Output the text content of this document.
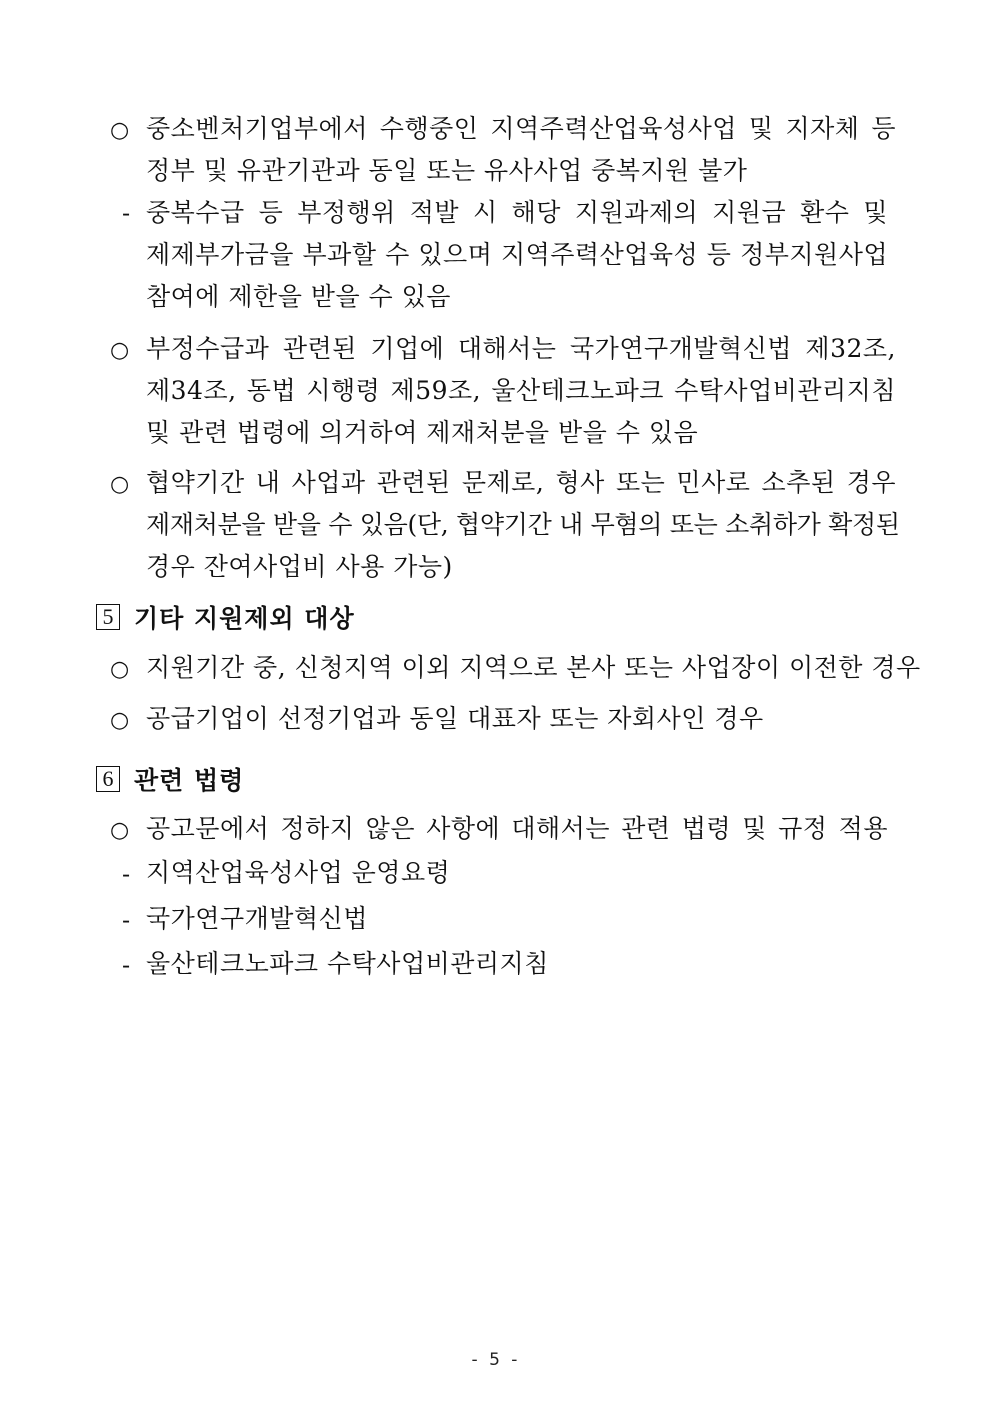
○ 중소벤처기업부에서 수행중인 지역주력산업육성사업 및 지자체 등
정부 및 유관기관과 동일 또는 유사사업 중복지원 불가
- 중복수급 등 부정행위 적발 시 해당 지원과제의 지원금 환수 및
제제부가금을 부과할 수 있으며 지역주력산업육성 등 정부지원사업
참여에 제한을 받을 수 있음
○ 부정수급과 관련된 기업에 대해서는 국가연구개발혁신법 제32조,
제34조, 동법 시행령 제59조, 울산테크노파크 수탁사업비관리지침
및 관련 법령에 의거하여 제재처분을 받을 수 있음
○ 협약기간 내 사업과 관련된 문제로, 형사 또는 민사로 소추된 경우
제재처분을 받을 수 있음(단, 협약기간 내 무혐의 또는 소취하가 확정된
경우 잔여사업비 사용 가능)
5 기타 지원제외 대상
○ 지원기간 중, 신청지역 이외 지역으로 본사 또는 사업장이 이전한 경우
○ 공급기업이 선정기업과 동일 대표자 또는 자회사인 경우
6 관련 법령
○ 공고문에서 정하지 않은 사항에 대해서는 관련 법령 및 규정 적용
- 지역산업육성사업 운영요령
- 국가연구개발혁신법
- 울산테크노파크 수탁사업비관리지침
- 5 -
